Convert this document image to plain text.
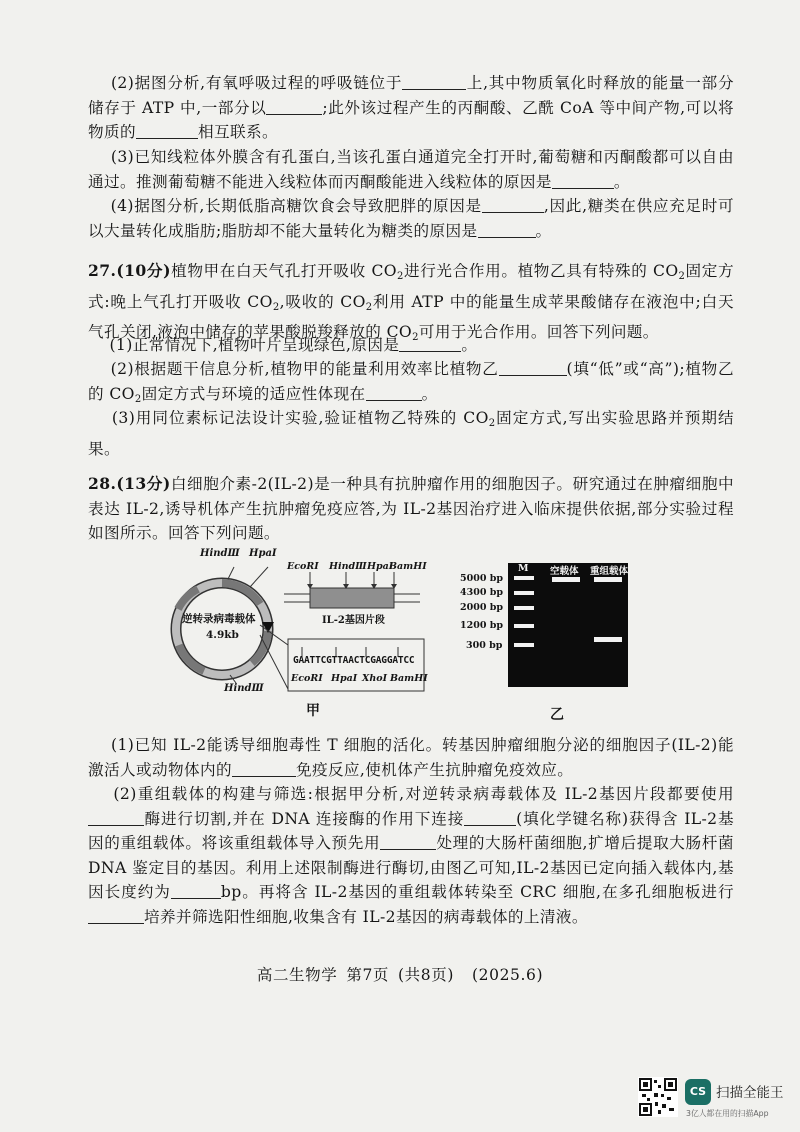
(2)据图分析,有氧呼吸过程的呼吸链位于	上,其中物质氧化时释放的能量一部分储存于 ATP 中,一部分以	;此外该过程产生的丙酮酸、乙酰 CoA 等中间产物,可以将物质的	相互联系。

(3)已知线粒体外膜含有孔蛋白,当该孔蛋白通道完全打开时,葡萄糖和丙酮酸都可以自由通过。推测葡萄糖不能进入线粒体而丙酮酸能进入线粒体的原因是	。

(4)据图分析,长期低脂高糖饮食会导致肥胖的原因是	,因此,糖类在供应充足时可以大量转化成脂肪;脂肪却不能大量转化为糖类的原因是	。

27.(10分)植物甲在白天气孔打开吸收 $CO_2$进行光合作用。植物乙具有特殊的 $CO_2$固定方式:晚上气孔打开吸收 $CO_2$,吸收的 $CO_2$利用 ATP 中的能量生成苹果酸储存在液泡中;白天气孔关闭,液泡中储存的苹果酸脱羧释放的 $CO_2$可用于光合作用。回答下列问题。

(1)正常情况下,植物叶片呈现绿色,原因是	。

(2)根据题干信息分析,植物甲的能量利用效率比植物乙	(填“低”或“高”);植物乙的 $CO_2$固定方式与环境的适应性体现在	。

(3)用同位素标记法设计实验,验证植物乙特殊的 $CO_2$固定方式,写出实验思路并预期结果。

28.(13分)白细胞介素-2(IL-2)是一种具有抗肿瘤作用的细胞因子。研究通过在肿瘤细胞中表达 IL-2,诱导机体产生抗肿瘤免疫应答,为 IL-2基因治疗进入临床提供依据,部分实验过程如图所示。回答下列问题。

HindⅢ HpaⅠ
逆转录病毒载体
4.9kb
HindⅢ
EcoRⅠ HindⅢ HpaⅠ
BamHⅠ
IL-2基因片段
GAATTCGTTAACTCGAGGATCC
EcoRⅠ HpaⅠ XhoⅠ BamHⅠ
M 空载体 重组载体
5000 bp
4300 bp
2000 bp
1200 bp
300 bp
甲	乙

(1)已知 IL-2能诱导细胞毒性 T 细胞的活化。转基因肿瘤细胞分泌的细胞因子(IL-2)能激活人或动物体内的	免疫反应,使机体产生抗肿瘤免疫效应。

(2)重组载体的构建与筛选:根据甲分析,对逆转录病毒载体及 IL-2基因片段都要使用酶进行切割,并在 DNA 连接酶的作用下连接	(填化学键名称)获得含 IL-2基因的重组载体。将该重组载体导入预先用	处理的大肠杆菌细胞,扩增后提取大肠杆菌 DNA 鉴定目的基因。利用上述限制酶进行酶切,由图乙可知,IL-2基因已定向插入载体内,基因长度约为	bp。再将含 IL-2基因的重组载体转染至 CRC 细胞,在多孔细胞板进行培养并筛选阳性细胞,收集含有 IL-2基因的病毒载体的上清液。

高二生物学 第7页 (共8页) (2025.6)
CS 扫描全能王
3亿人都在用的扫描App
